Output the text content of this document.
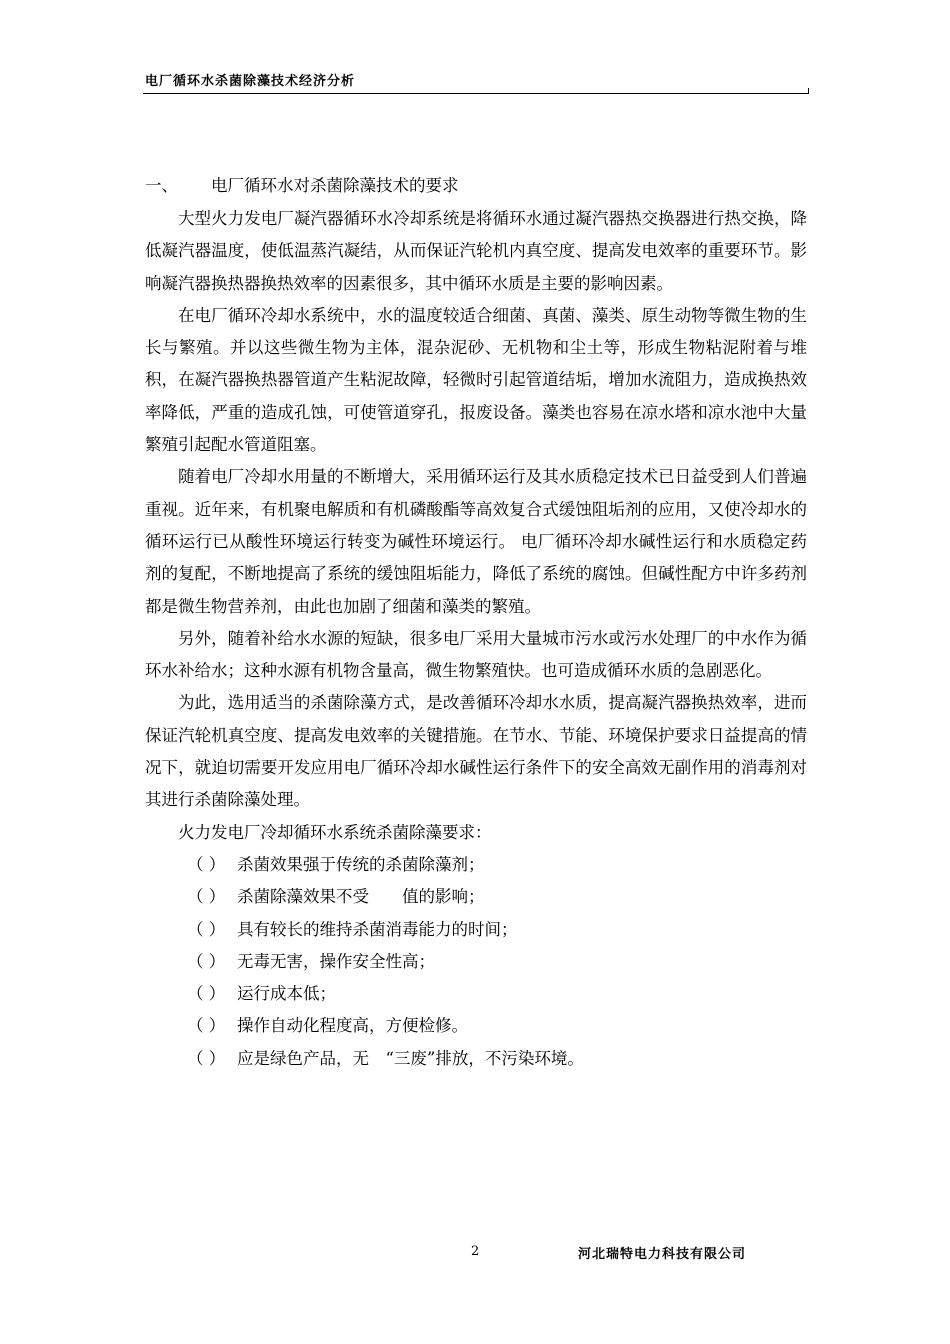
电厂循环水杀菌除藻技术经济分析
一、 电厂循环水对杀菌除藻技术的要求

大型火力发电厂凝汽器循环水冷却系统是将循环水通过凝汽器热交换器进行热交换，降低凝汽器温度，使低温蒸汽凝结，从而保证汽轮机内真空度、提高发电效率的重要环节。影响凝汽器换热器换热效率的因素很多，其中循环水质是主要的影响因素。

在电厂循环冷却水系统中，水的温度较适合细菌、真菌、藻类、原生动物等微生物的生长与繁殖。并以这些微生物为主体，混杂泥砂、无机物和尘土等，形成生物粘泥附着与堆积，在凝汽器换热器管道产生粘泥故障，轻微时引起管道结垢，增加水流阻力，造成换热效率降低，严重的造成孔蚀，可使管道穿孔，报废设备。藻类也容易在凉水塔和凉水池中大量繁殖引起配水管道阻塞。

随着电厂冷却水用量的不断增大，采用循环运行及其水质稳定技术已日益受到人们普遍重视。近年来，有机聚电解质和有机磷酸酯等高效复合式缓蚀阻垢剂的应用，又使冷却水的循环运行已从酸性环境运行转变为碱性环境运行。 电厂循环冷却水碱性运行和水质稳定药剂的复配，不断地提高了系统的缓蚀阻垢能力，降低了系统的腐蚀。但碱性配方中许多药剂都是微生物营养剂，由此也加剧了细菌和藻类的繁殖。

另外，随着补给水水源的短缺，很多电厂采用大量城市污水或污水处理厂的中水作为循环水补给水；这种水源有机物含量高，微生物繁殖快。也可造成循环水质的急剧恶化。

为此，选用适当的杀菌除藻方式，是改善循环冷却水水质，提高凝汽器换热效率，进而保证汽轮机真空度、提高发电效率的关键措施。在节水、节能、环境保护要求日益提高的情况下，就迫切需要开发应用电厂循环冷却水碱性运行条件下的安全高效无副作用的消毒剂对其进行杀菌除藻处理。

火力发电厂冷却循环水系统杀菌除藻要求：

（ ） 杀菌效果强于传统的杀菌除藻剂；
（ ） 杀菌除藻效果不受　　值的影响；
（ ） 具有较长的维持杀菌消毒能力的时间；
（ ） 无毒无害，操作安全性高；
（ ） 运行成本低；
（ ） 操作自动化程度高，方便检修。
（ ） 应是绿色产品，无　“三废”排放，不污染环境。
2	河北瑞特电力科技有限公司
